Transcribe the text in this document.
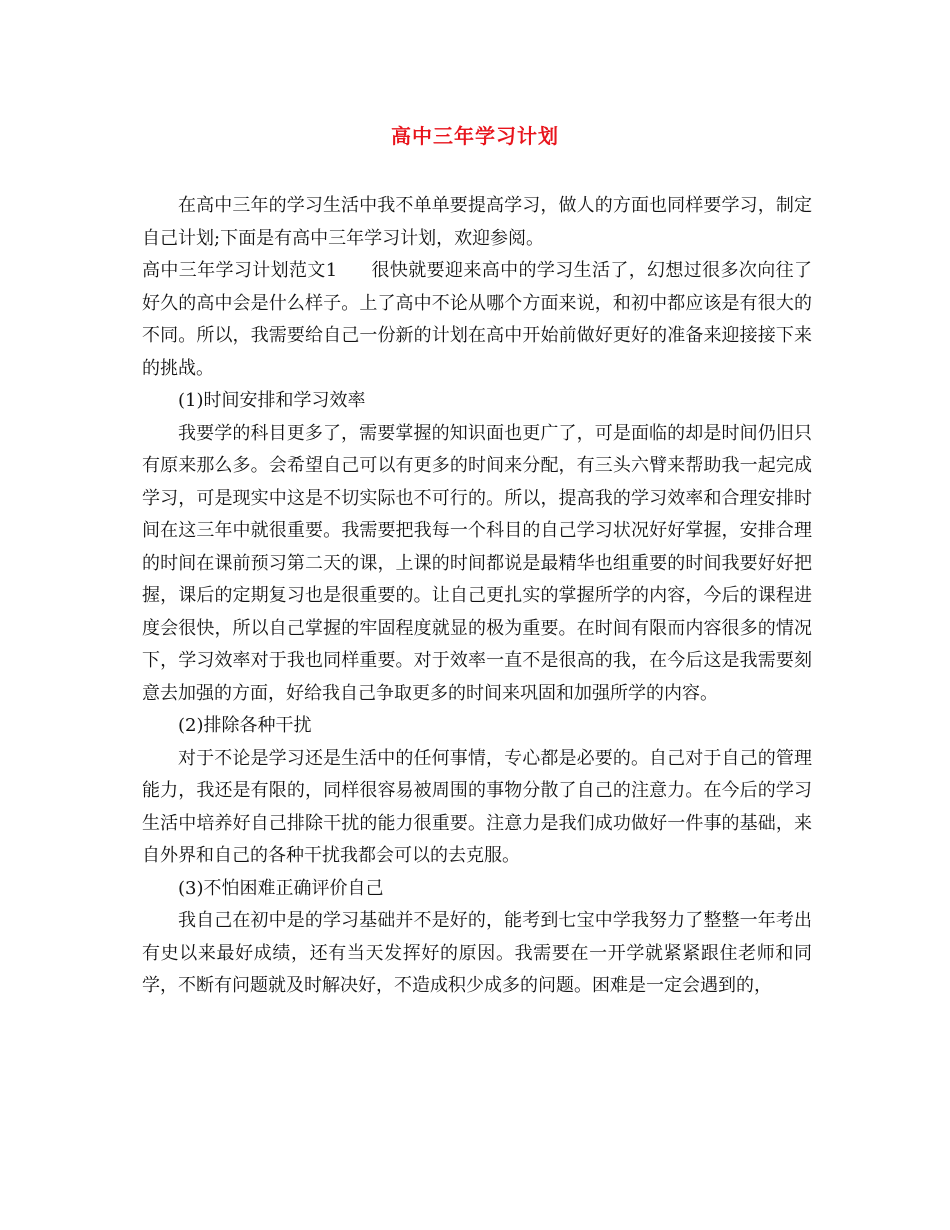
高中三年学习计划

在高中三年的学习生活中我不单单要提高学习，做人的方面也同样要学习，制定自己计划;下面是有高中三年学习计划，欢迎参阅。

高中三年学习计划范文1 很快就要迎来高中的学习生活了，幻想过很多次向往了好久的高中会是什么样子。上了高中不论从哪个方面来说，和初中都应该是有很大的不同。所以，我需要给自己一份新的计划在高中开始前做好更好的准备来迎接接下来的挑战。

(1)时间安排和学习效率

我要学的科目更多了，需要掌握的知识面也更广了，可是面临的却是时间仍旧只有原来那么多。会希望自己可以有更多的时间来分配，有三头六臂来帮助我一起完成学习，可是现实中这是不切实际也不可行的。所以，提高我的学习效率和合理安排时间在这三年中就很重要。我需要把我每一个科目的自己学习状况好好掌握，安排合理的时间在课前预习第二天的课，上课的时间都说是最精华也组重要的时间我要好好把握，课后的定期复习也是很重要的。让自己更扎实的掌握所学的内容，今后的课程进度会很快，所以自己掌握的牢固程度就显的极为重要。在时间有限而内容很多的情况下，学习效率对于我也同样重要。对于效率一直不是很高的我，在今后这是我需要刻意去加强的方面，好给我自己争取更多的时间来巩固和加强所学的内容。

(2)排除各种干扰

对于不论是学习还是生活中的任何事情，专心都是必要的。自己对于自己的管理能力，我还是有限的，同样很容易被周围的事物分散了自己的注意力。在今后的学习生活中培养好自己排除干扰的能力很重要。注意力是我们成功做好一件事的基础，来自外界和自己的各种干扰我都会可以的去克服。

(3)不怕困难正确评价自己

我自己在初中是的学习基础并不是好的，能考到七宝中学我努力了整整一年考出有史以来最好成绩，还有当天发挥好的原因。我需要在一开学就紧紧跟住老师和同学，不断有问题就及时解决好，不造成积少成多的问题。困难是一定会遇到的，
